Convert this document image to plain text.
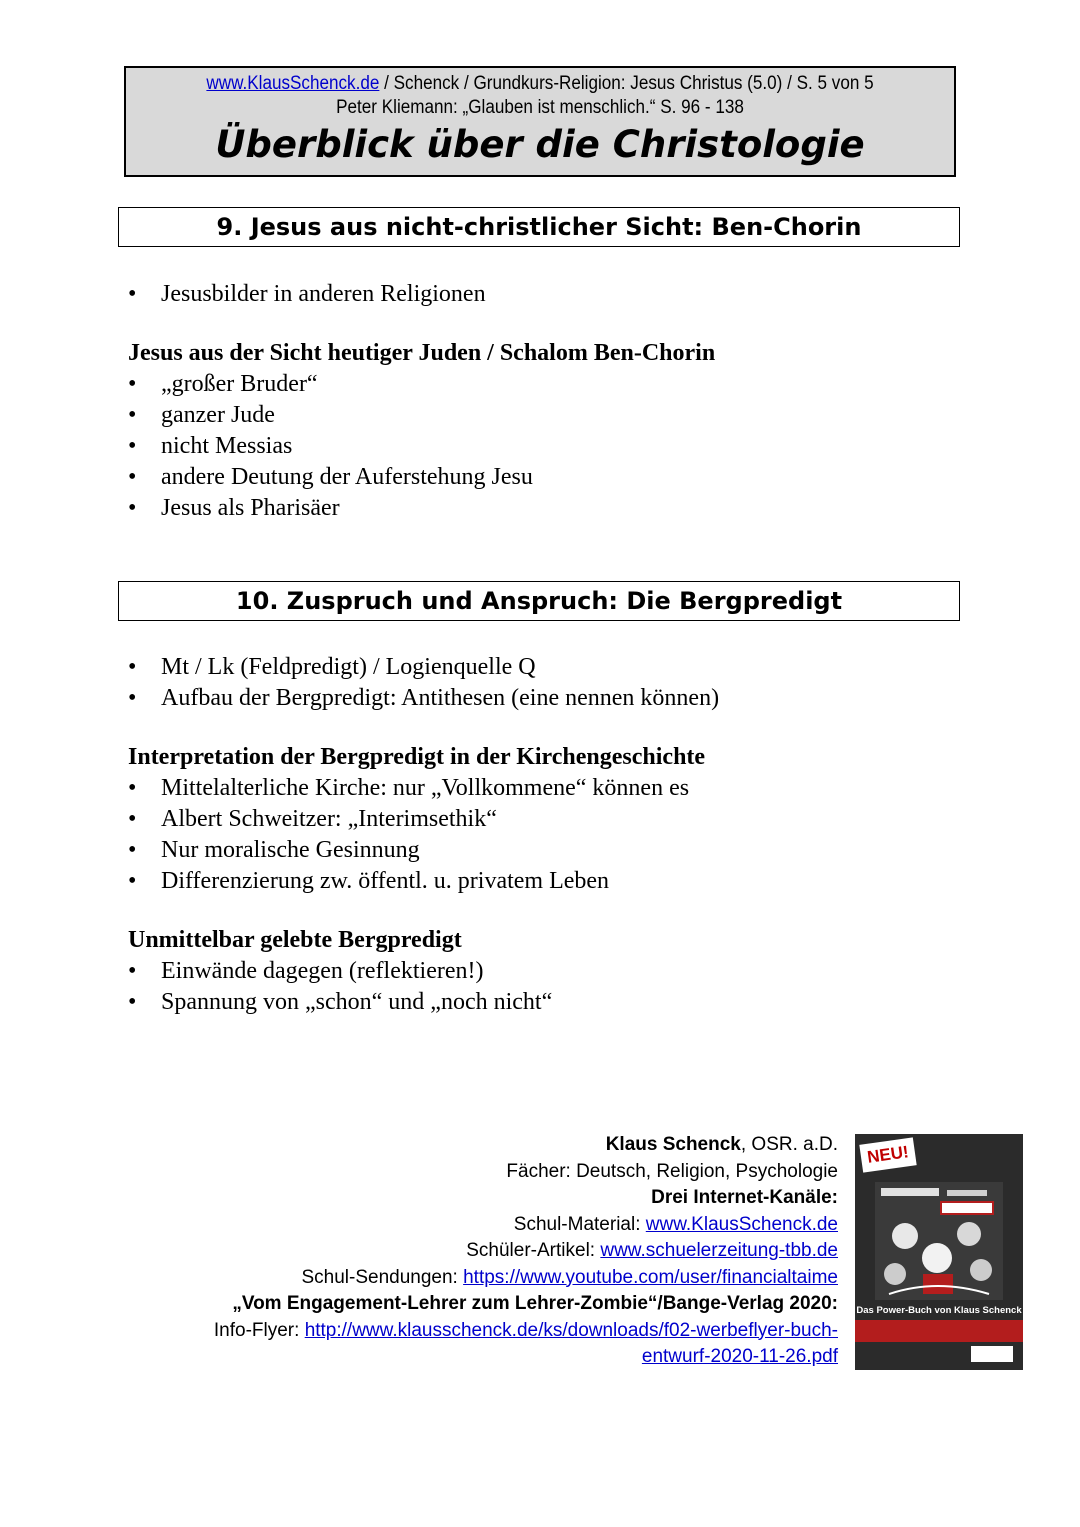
www.KlausSchenck.de / Schenck / Grundkurs-Religion: Jesus Christus (5.0) / S. 5 von 5
Peter Kliemann: „Glauben ist menschlich.“ S. 96 - 138
Überblick über die Christologie
9. Jesus aus nicht-christlicher Sicht: Ben-Chorin
• Jesusbilder in anderen Religionen
Jesus aus der Sicht heutiger Juden / Schalom Ben-Chorin
• „großer Bruder“
• ganzer Jude
• nicht Messias
• andere Deutung der Auferstehung Jesu
• Jesus als Pharisäer
10. Zuspruch und Anspruch: Die Bergpredigt
• Mt / Lk (Feldpredigt) / Logienquelle Q
• Aufbau der Bergpredigt: Antithesen (eine nennen können)
Interpretation der Bergpredigt in der Kirchengeschichte
• Mittelalterliche Kirche: nur „Vollkommene“ können es
• Albert Schweitzer: „Interimsethik“
• Nur moralische Gesinnung
• Differenzierung zw. öffentl. u. privatem Leben
Unmittelbar gelebte Bergpredigt
• Einwände dagegen (reflektieren!)
• Spannung von „schon“ und „noch nicht“
Klaus Schenck, OSR. a.D.
Fächer: Deutsch, Religion, Psychologie
Drei Internet-Kanäle:
Schul-Material: www.KlausSchenck.de
Schüler-Artikel: www.schuelerzeitung-tbb.de
Schul-Sendungen: https://www.youtube.com/user/financialtaime
„Vom Engagement-Lehrer zum Lehrer-Zombie“/Bange-Verlag 2020:
Info-Flyer: http://www.klausschenck.de/ks/downloads/f02-werbeflyer-buch-
entwurf-2020-11-26.pdf
NEU!
Das Power-Buch von Klaus Schenck
